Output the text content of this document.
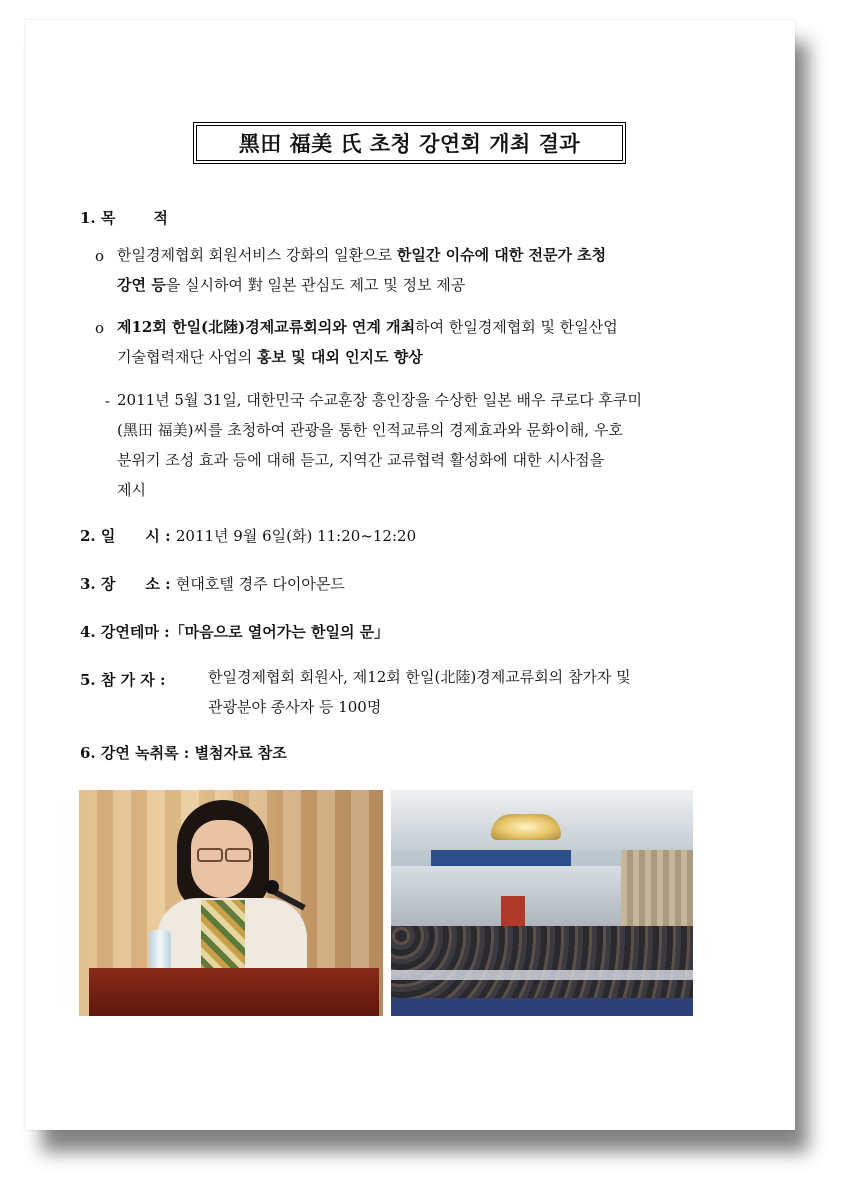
黑田 福美 氏 초청 강연회 개최 결과
1. 목	적
o 한일경제협회 회원서비스 강화의 일환으로 한일간 이슈에 대한 전문가 초청
강연 등을 실시하여 對 일본 관심도 제고 및 정보 제공
o 제12회 한일(北陸)경제교류회의와 연계 개최하여 한일경제협회 및 한일산업
기술협력재단 사업의 홍보 및 대외 인지도 향상
- 2011년 5월 31일, 대한민국 수교훈장 흥인장을 수상한 일본 배우 쿠로다 후쿠미
(黑田 福美)씨를 초청하여 관광을 통한 인적교류의 경제효과와 문화이해, 우호
분위기 조성 효과 등에 대해 듣고, 지역간 교류협력 활성화에 대한 시사점을
제시
2. 일 시 : 2011년 9월 6일(화) 11:20~12:20
3. 장 소 : 현대호텔 경주 다이아몬드
4. 강연테마 :「마음으로 열어가는 한일의 문」
5. 참 가 자 :	한일경제협회 회원사, 제12회 한일(北陸)경제교류회의 참가자 및
관광분야 종사자 등 100명
6. 강연 녹취록 : 별첨자료 참조
